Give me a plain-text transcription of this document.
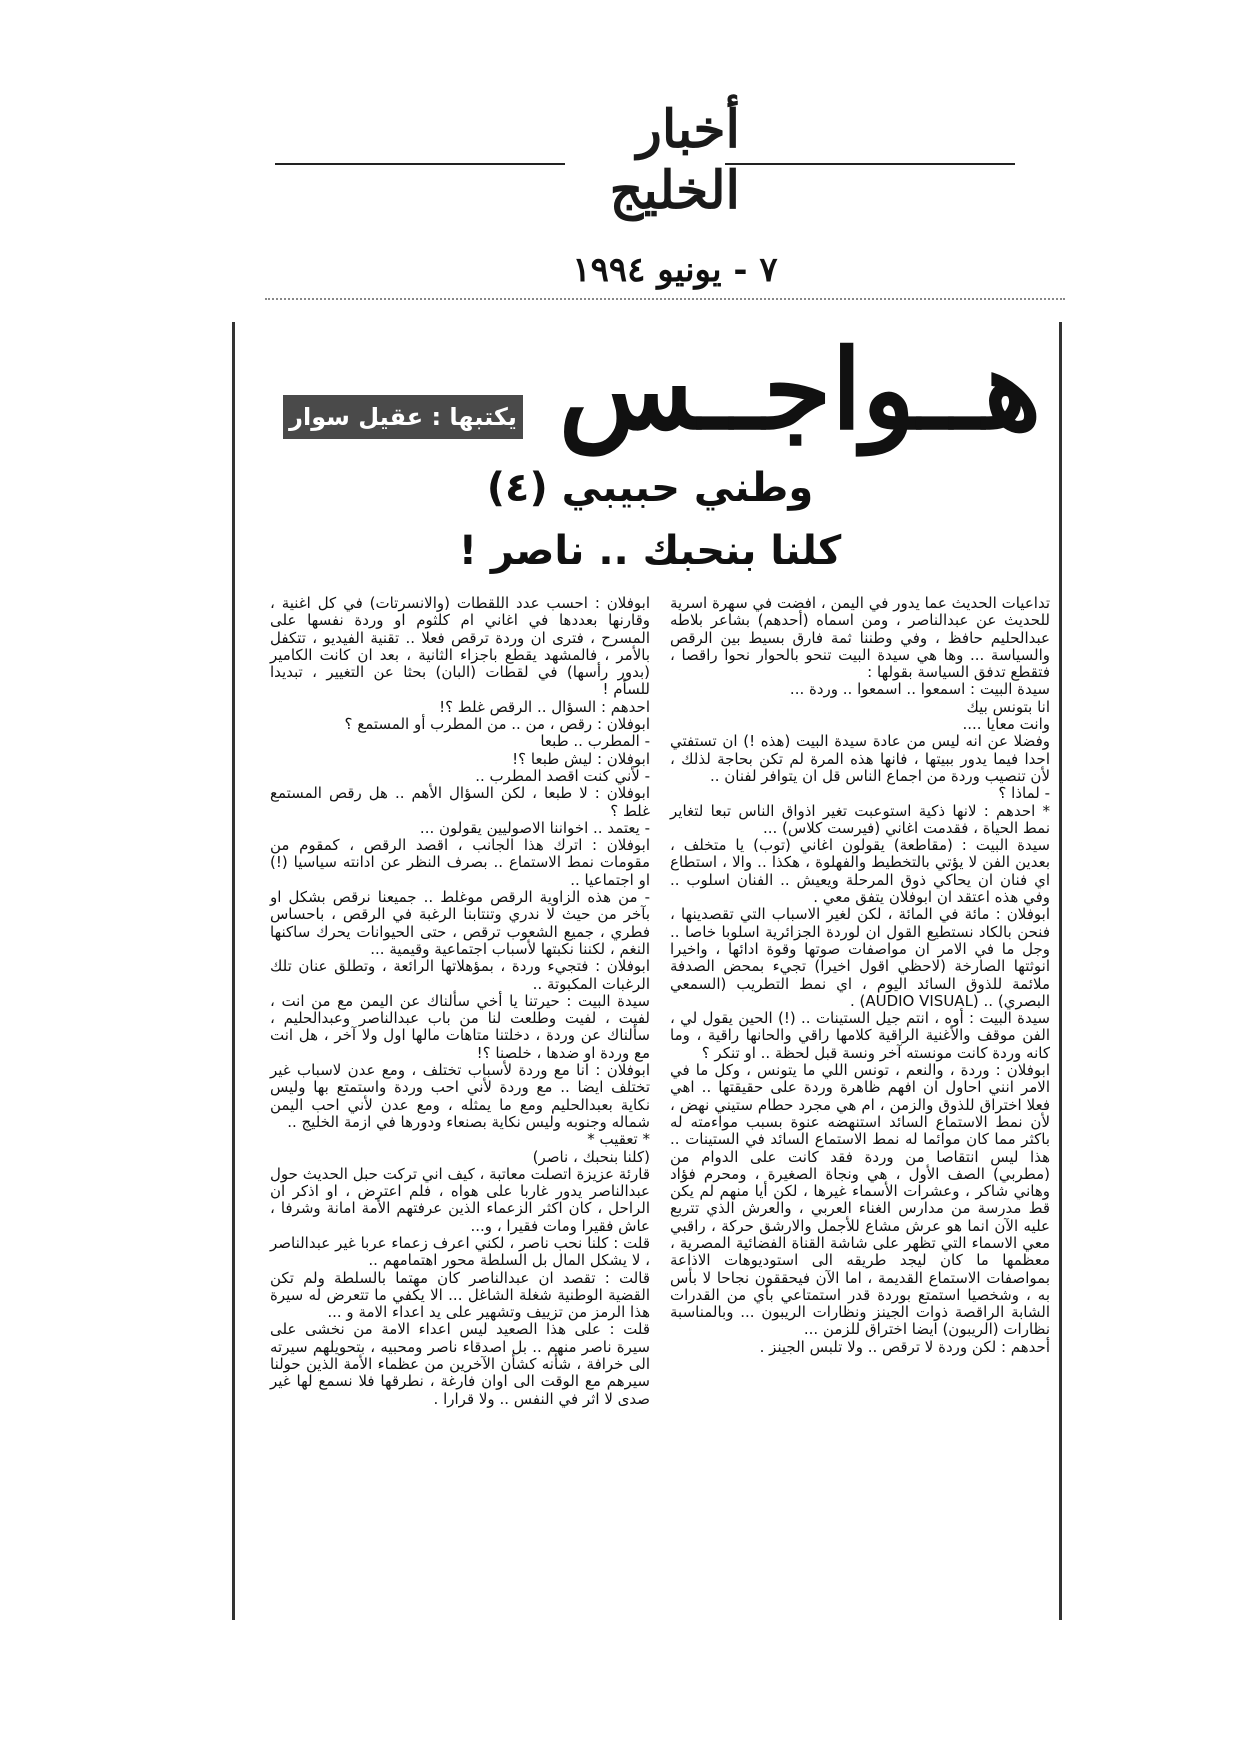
أخبار الخليج
٧ - يونيو ١٩٩٤
هــواجــس
يكتبها : عقيل سوار
وطني حبيبي (٤)
كلنا بنحبك .. ناصر !

تداعيات الحديث عما يدور في اليمن ، افضت في سهرة اسرية للحديث عن عبدالناصر ، ومن اسماه (أحدهم) بشاعر بلاطه عبدالحليم حافظ ، وفي وطننا ثمة فارق بسيط بين الرقص والسياسة ... وها هي سيدة البيت تنحو بالحوار نحوا راقصا ، فتقطع تدفق السياسة بقولها :

سيدة البيت : اسمعوا .. اسمعوا .. وردة ...

انا بتونس بيك

وانت معايا ....

وفضلا عن انه ليس من عادة سيدة البيت (هذه !) ان تستفتي احدا فيما يدور ببيتها ، فانها هذه المرة لم تكن بحاجة لذلك ، لأن تنصيب وردة من اجماع الناس قل ان يتوافر لفنان ..

- لماذا ؟

* احدهم : لانها ذكية استوعبت تغير اذواق الناس تبعا لتغاير نمط الحياة ، فقدمت اغاني (فيرست كلاس) ...

سيدة البيت : (مقاطعة) يقولون اغاني (توب) يا متخلف ، بعدين الفن لا يؤتي بالتخطيط والفهلوة ، هكذا .. والا ، استطاع اي فنان ان يحاكي ذوق المرحلة ويعيش .. الفنان اسلوب .. وفي هذه اعتقد ان ابوفلان يتفق معي .

ابوفلان : مائة في المائة ، لكن لغير الاسباب التي تقصدينها ، فنحن بالكاد نستطيع القول ان لوردة الجزائرية اسلوبا خاصا .. وجل ما في الامر ان مواصفات صوتها وقوة ادائها ، واخيرا انوثتها الصارخة (لاحظي اقول اخيرا) تجيء بمحض الصدفة ملائمة للذوق السائد اليوم ، اي نمط التطريب (السمعي البصري) .. (AUDIO VISUAL) .

سيدة البيت : أوه ، انتم جيل الستينات .. (!) الحين يقول لي ، الفن موقف والأغنية الراقية كلامها راقي والحانها راقية ، وما كانه وردة كانت مونسته آخر ونسة قبل لحظة .. او تنكر ؟

ابوفلان : وردة ، والنعم ، تونس اللي ما يتونس ، وكل ما في الامر انني احاول ان افهم ظاهرة وردة على حقيقتها .. اهي فعلا اختراق للذوق والزمن ، ام هي مجرد حطام ستيني نهض ، لأن نمط الاستماع السائد استنهضه عنوة بسبب مواءمته له باكثر مما كان موائما له نمط الاستماع السائد في الستينات .. هذا ليس انتقاصا من وردة فقد كانت على الدوام من (مطربي) الصف الأول ، هي ونجاة الصغيرة ، ومحرم فؤاد وهاني شاكر ، وعشرات الأسماء غيرها ، لكن أيا منهم لم يكن قط مدرسة من مدارس الغناء العربي ، والعرش الذي تتربع عليه الآن انما هو عرش مشاع للأجمل والارشق حركة ، راقبي معي الاسماء التي تظهر على شاشة القناة الفضائية المصرية ، معظمها ما كان ليجد طريقه الى استوديوهات الاذاعة بمواصفات الاستماع القديمة ، اما الآن فيحققون نجاحا لا بأس به ، وشخصيا استمتع بوردة قدر استمتاعي بأي من القدرات الشابة الراقصة ذوات الجينز ونظارات الريبون ... وبالمناسبة نظارات (الريبون) ايضا اختراق للزمن ...

أحدهم : لكن وردة لا ترقص .. ولا تلبس الجينز .

ابوفلان : احسب عدد اللقطات (والانسرتات) في كل اغنية ، وقارنها بعددها في اغاني ام كلثوم او وردة نفسها على المسرح ، فترى ان وردة ترقص فعلا .. تقنية الفيديو ، تتكفل بالأمر ، فالمشهد يقطع باجزاء الثانية ، بعد ان كانت الكامير (بدور رأسها) في لقطات (البان) بحثا عن التغيير ، تبديدا للسأم !

احدهم : السؤال .. الرقص غلط ؟!

ابوفلان : رقص ، من .. من المطرب أو المستمع ؟

- المطرب .. طبعا

ابوفلان : ليش طبعا ؟!

- لأني كنت اقصد المطرب ..

ابوفلان : لا طبعا ، لكن السؤال الأهم .. هل رقص المستمع غلط ؟

- يعتمد .. اخواننا الاصوليين يقولون ...

ابوفلان : اترك هذا الجانب ، اقصد الرقص ، كمقوم من مقومات نمط الاستماع .. بصرف النظر عن ادانته سياسيا (!) او اجتماعيا ..

- من هذه الزاوية الرقص موغلط .. جميعنا نرقص بشكل او بآخر من حيث لا ندري وتنتابنا الرغبة في الرقص ، باحساس فطري ، جميع الشعوب ترقص ، حتى الحيوانات يحرك ساكنها النغم ، لكننا نكبتها لأسباب اجتماعية وقيمية ...

ابوفلان : فتجيء وردة ، بمؤهلاتها الرائعة ، وتطلق عنان تلك الرغبات المكبوتة ..

سيدة البيت : حيرتنا يا أخي سألناك عن اليمن مع من انت ، لفيت ، لفيت وطلعت لنا من باب عبدالناصر وعبدالحليم ، سألناك عن وردة ، دخلتنا متاهات مالها اول ولا آخر ، هل انت مع وردة او ضدها ، خلصنا ؟!

ابوفلان : انا مع وردة لأسباب تختلف ، ومع عدن لاسباب غير تختلف ايضا .. مع وردة لأني احب وردة واستمتع بها وليس نكاية بعبدالحليم ومع ما يمثله ، ومع عدن لأني احب اليمن شماله وجنوبه وليس نكاية بصنعاء ودورها في ازمة الخليج ..

* تعقيب *

(كلنا بنحبك ، ناصر)

قارئة عزيزة اتصلت معاتبة ، كيف اني تركت حبل الحديث حول عبدالناصر يدور غاربا على هواه ، فلم اعترض ، او اذكر ان الراحل ، كان اكثر الزعماء الذين عرفتهم الأمة امانة وشرفا ، عاش فقيرا ومات فقيرا ، و...

قلت : كلنا نحب ناصر ، لكني اعرف زعماء عربا غير عبدالناصر ، لا يشكل المال بل السلطة محور اهتمامهم ..

قالت : تقصد ان عبدالناصر كان مهتما بالسلطة ولم تكن القضية الوطنية شغلة الشاغل ... الا يكفي ما تتعرض له سيرة هذا الرمز من تزييف وتشهير على يد اعداء الامة و ...

قلت : على هذا الصعيد ليس اعداء الامة من نخشى على سيرة ناصر منهم .. بل اصدقاء ناصر ومحبيه ، بتحويلهم سيرته الى خرافة ، شأنه كشأن الآخرين من عظماء الأمة الذين حولنا سيرهم مع الوقت الى اوان فارغة ، نطرقها فلا نسمع لها غير صدى لا اثر في النفس .. ولا قرارا .
